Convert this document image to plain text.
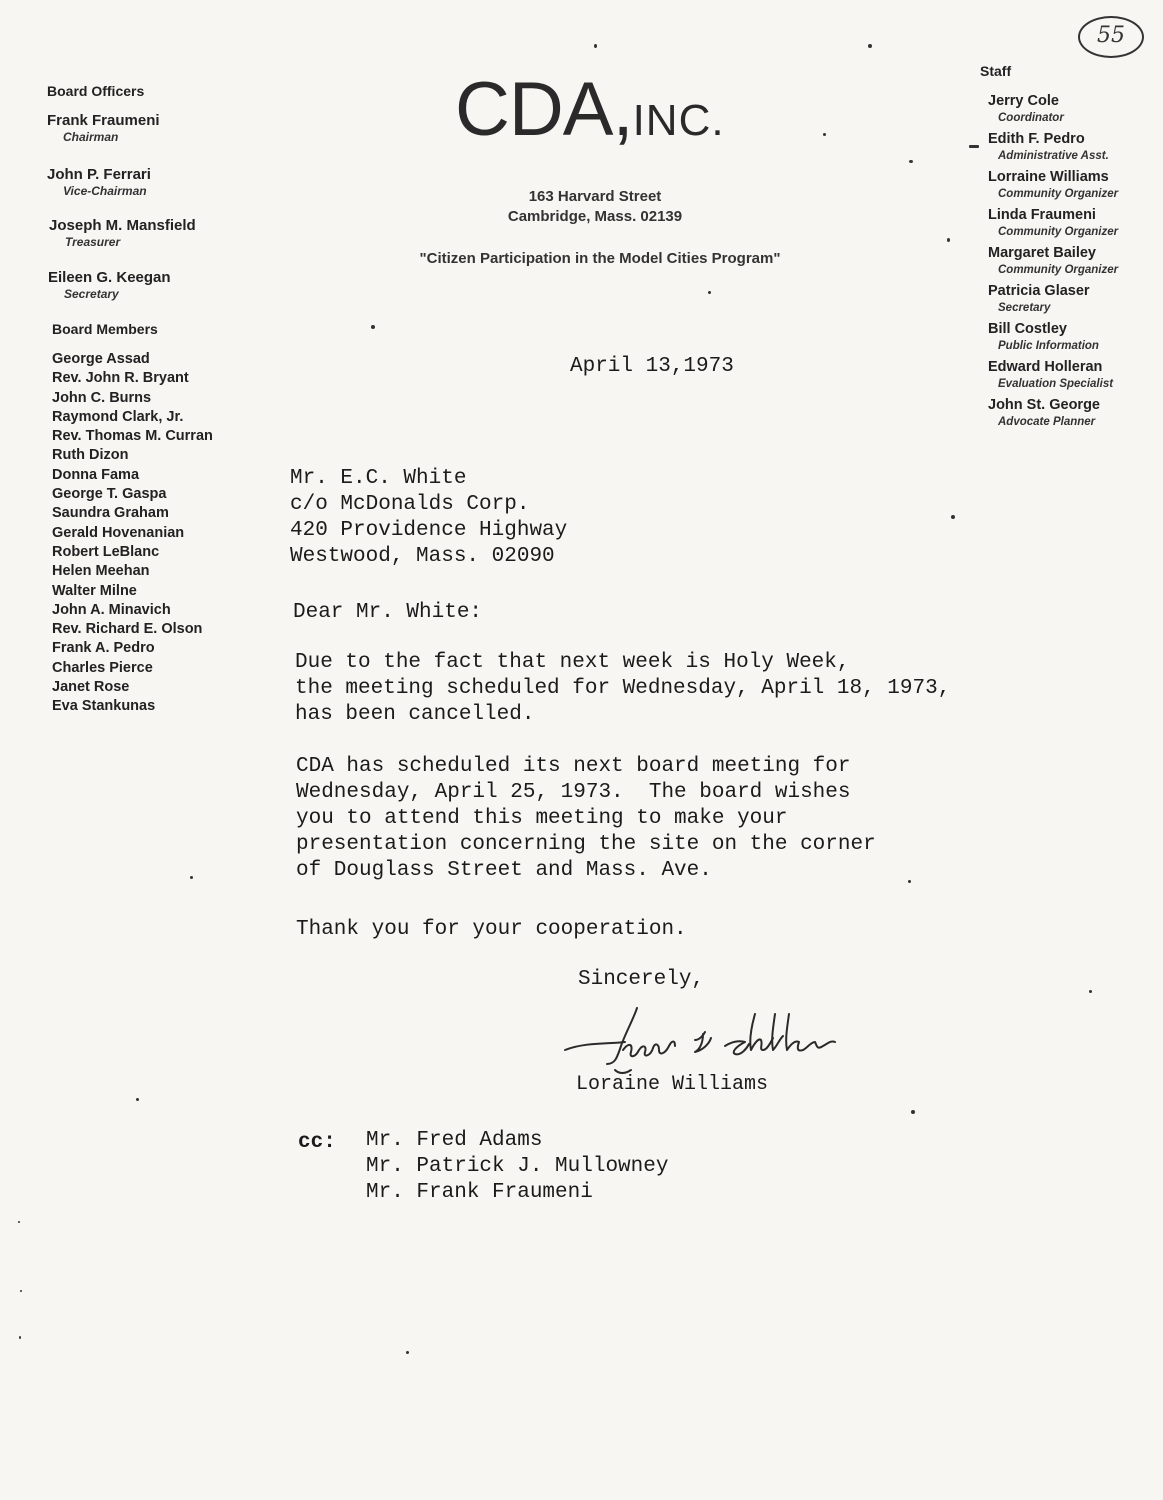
55
CDA,INC.
163 Harvard Street
Cambridge, Mass. 02139
"Citizen Participation in the Model Cities Program"
Board Officers
Frank Fraumeni
Chairman
John P. Ferrari
Vice-Chairman
Joseph M. Mansfield
Treasurer
Eileen G. Keegan
Secretary
Board Members
George Assad
Rev. John R. Bryant
John C. Burns
Raymond Clark, Jr.
Rev. Thomas M. Curran
Ruth Dizon
Donna Fama
George T. Gaspa
Saundra Graham
Gerald Hovenanian
Robert LeBlanc
Helen Meehan
Walter Milne
John A. Minavich
Rev. Richard E. Olson
Frank A. Pedro
Charles Pierce
Janet Rose
Eva Stankunas
Staff
Jerry Cole
Coordinator
Edith F. Pedro
Administrative Asst.
Lorraine Williams
Community Organizer
Linda Fraumeni
Community Organizer
Margaret Bailey
Community Organizer
Patricia Glaser
Secretary
Bill Costley
Public Information
Edward Holleran
Evaluation Specialist
John St. George
Advocate Planner
April 13,1973
Mr. E.C. White
c/o McDonalds Corp.
420 Providence Highway
Westwood, Mass. 02090
Dear Mr. White:
Due to the fact that next week is Holy Week,
the meeting scheduled for Wednesday, April 18, 1973,
has been cancelled.
CDA has scheduled its next board meeting for
Wednesday, April 25, 1973.  The board wishes
you to attend this meeting to make your
presentation concerning the site on the corner
of Douglass Street and Mass. Ave.
Thank you for your cooperation.
Sincerely,
Loraine Williams
cc: Mr. Fred Adams
Mr. Patrick J. Mullowney
Mr. Frank Fraumeni
